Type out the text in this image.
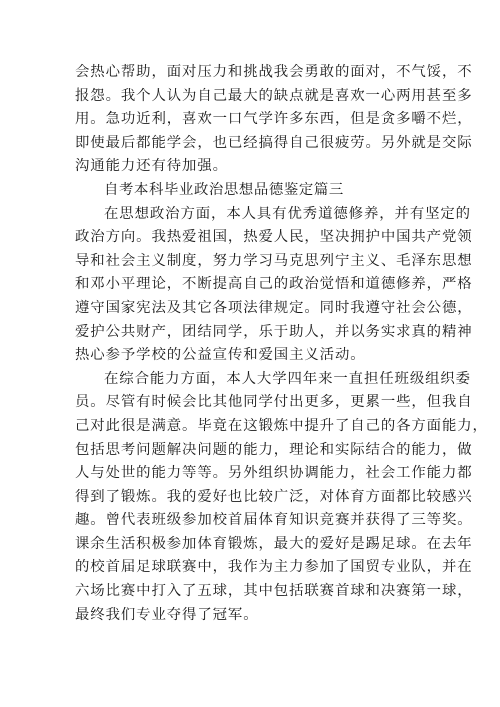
会热心帮助，面对压力和挑战我会勇敢的面对，不气馁，不
报怨。我个人认为自己最大的缺点就是喜欢一心两用甚至多
用。急功近利，喜欢一口气学许多东西，但是贪多嚼不烂，
即使最后都能学会，也已经搞得自己很疲劳。另外就是交际
沟通能力还有待加强。
自考本科毕业政治思想品德鉴定篇三
在思想政治方面，本人具有优秀道德修养，并有坚定的
政治方向。我热爱祖国，热爱人民，坚决拥护中国共产党领
导和社会主义制度，努力学习马克思列宁主义、毛泽东思想
和邓小平理论，不断提高自己的政治觉悟和道德修养，严格
遵守国家宪法及其它各项法律规定。同时我遵守社会公德，
爱护公共财产，团结同学，乐于助人，并以务实求真的精神
热心参予学校的公益宣传和爱国主义活动。
在综合能力方面，本人大学四年来一直担任班级组织委
员。尽管有时候会比其他同学付出更多，更累一些，但我自
己对此很是满意。毕竟在这锻炼中提升了自己的各方面能力，
包括思考问题解决问题的能力，理论和实际结合的能力，做
人与处世的能力等等。另外组织协调能力，社会工作能力都
得到了锻炼。我的爱好也比较广泛，对体育方面都比较感兴
趣。曾代表班级参加校首届体育知识竞赛并获得了三等奖。
课余生活积极参加体育锻炼，最大的爱好是踢足球。在去年
的校首届足球联赛中，我作为主力参加了国贸专业队，并在
六场比赛中打入了五球，其中包括联赛首球和决赛第一球，
最终我们专业夺得了冠军。
